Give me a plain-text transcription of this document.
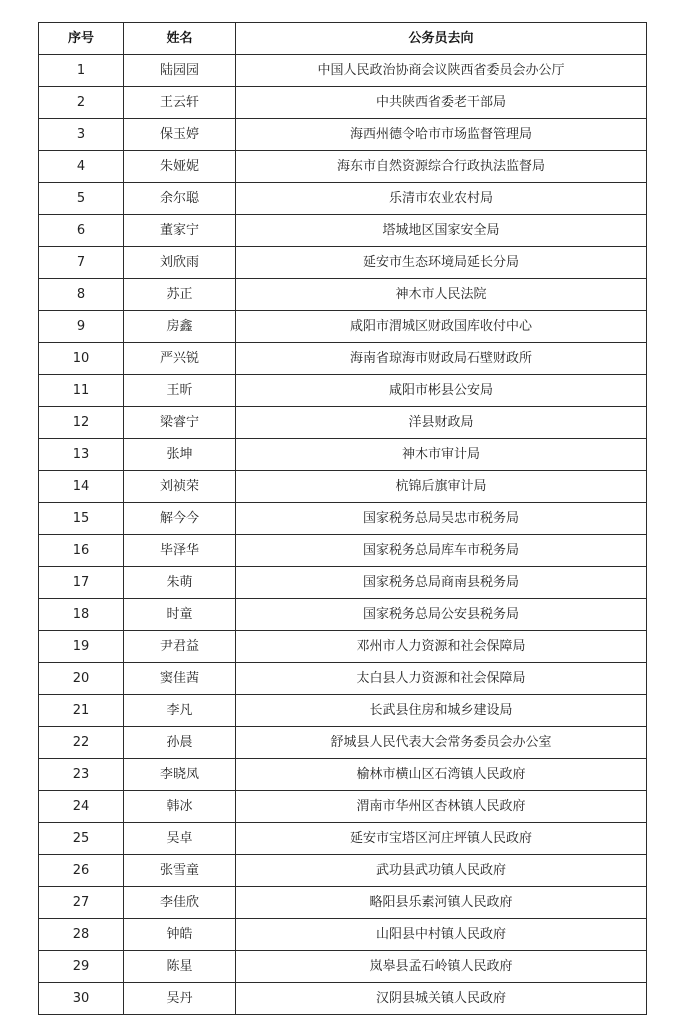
序号	姓名	公务员去向
1	陆园园	中国人民政治协商会议陕西省委员会办公厅
2	王云轩	中共陕西省委老干部局
3	保玉婷	海西州德令哈市市场监督管理局
4	朱娅妮	海东市自然资源综合行政执法监督局
5	余尔聪	乐清市农业农村局
6	董家宁	塔城地区国家安全局
7	刘欣雨	延安市生态环境局延长分局
8	苏正	神木市人民法院
9	房鑫	咸阳市渭城区财政国库收付中心
10	严兴锐	海南省琼海市财政局石壁财政所
11	王昕	咸阳市彬县公安局
12	梁睿宁	洋县财政局
13	张坤	神木市审计局
14	刘祯荣	杭锦后旗审计局
15	解今今	国家税务总局吴忠市税务局
16	毕泽华	国家税务总局库车市税务局
17	朱萌	国家税务总局商南县税务局
18	时童	国家税务总局公安县税务局
19	尹君益	邓州市人力资源和社会保障局
20	窦佳茜	太白县人力资源和社会保障局
21	李凡	长武县住房和城乡建设局
22	孙晨	舒城县人民代表大会常务委员会办公室
23	李晓凤	榆林市横山区石湾镇人民政府
24	韩冰	渭南市华州区杏林镇人民政府
25	吴卓	延安市宝塔区河庄坪镇人民政府
26	张雪童	武功县武功镇人民政府
27	李佳欣	略阳县乐素河镇人民政府
28	钟皓	山阳县中村镇人民政府
29	陈星	岚皋县孟石岭镇人民政府
30	吴丹	汉阴县城关镇人民政府
